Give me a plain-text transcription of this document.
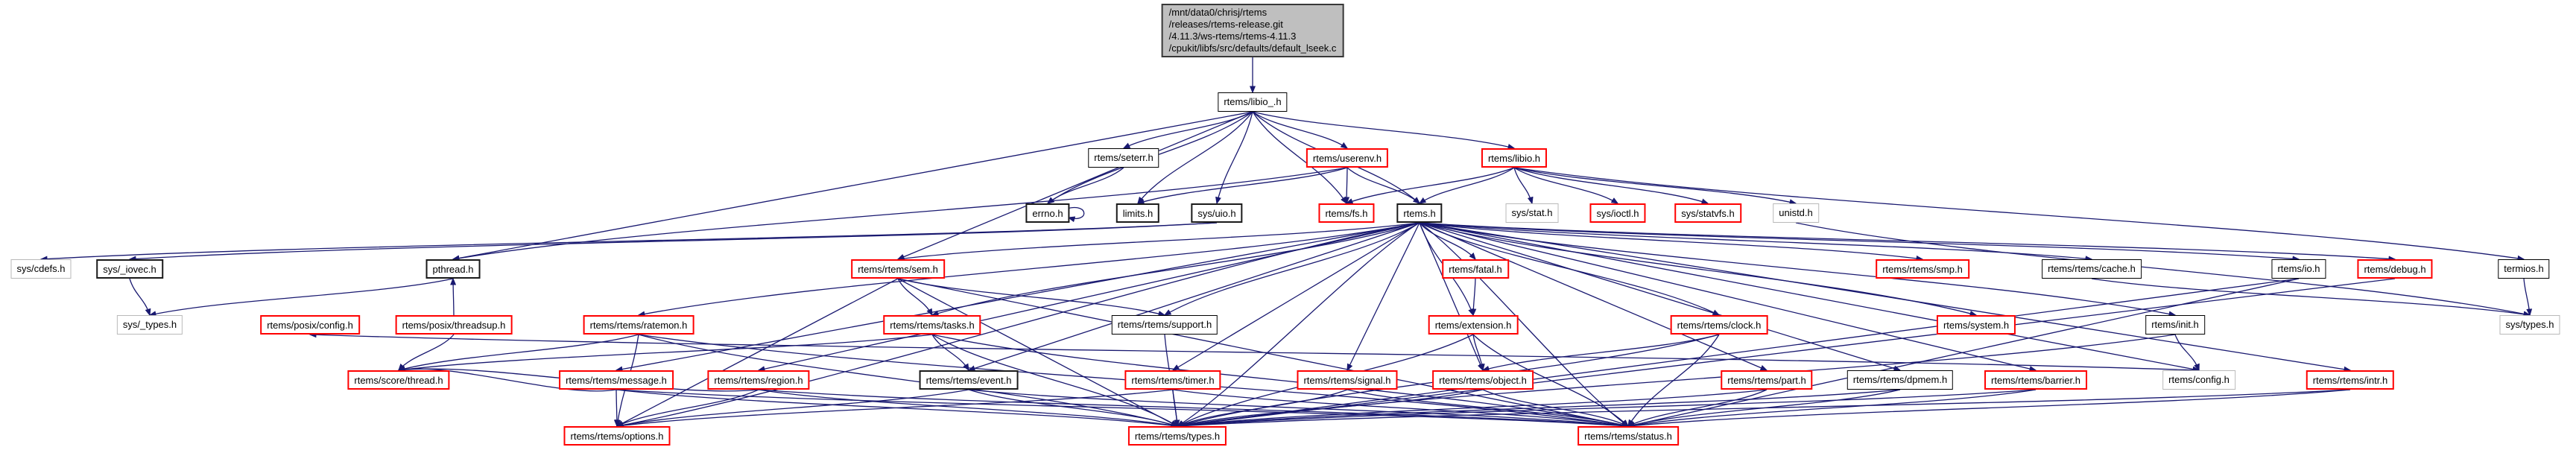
/mnt/data0/chrisj/rtems
/releases/rtems-release.git
/4.11.3/ws-rtems/rtems-4.11.3
/cpukit/libfs/src/defaults/default_lseek.c
rtems/libio_.h
rtems/seterr.h	rtems/userenv.h	rtems/libio.h
errno.h	limits.h	sys/uio.h	rtems/fs.h	rtems.h	sys/stat.h	sys/ioctl.h	sys/statvfs.h	unistd.h
sys/cdefs.h	sys/_iovec.h	pthread.h	rtems/rtems/sem.h	rtems/fatal.h	rtems/rtems/smp.h	rtems/rtems/cache.h	rtems/io.h	rtems/debug.h	termios.h
sys/_types.h	rtems/posix/config.h	rtems/posix/threadsup.h	rtems/rtems/ratemon.h	rtems/rtems/tasks.h	rtems/rtems/support.h	rtems/extension.h	rtems/rtems/clock.h	rtems/system.h	rtems/init.h	sys/types.h
rtems/score/thread.h	rtems/rtems/message.h	rtems/rtems/region.h	rtems/rtems/event.h	rtems/rtems/timer.h	rtems/rtems/signal.h	rtems/rtems/object.h	rtems/rtems/part.h	rtems/rtems/dpmem.h	rtems/rtems/barrier.h	rtems/config.h	rtems/rtems/intr.h
rtems/rtems/options.h	rtems/rtems/types.h	rtems/rtems/status.h
